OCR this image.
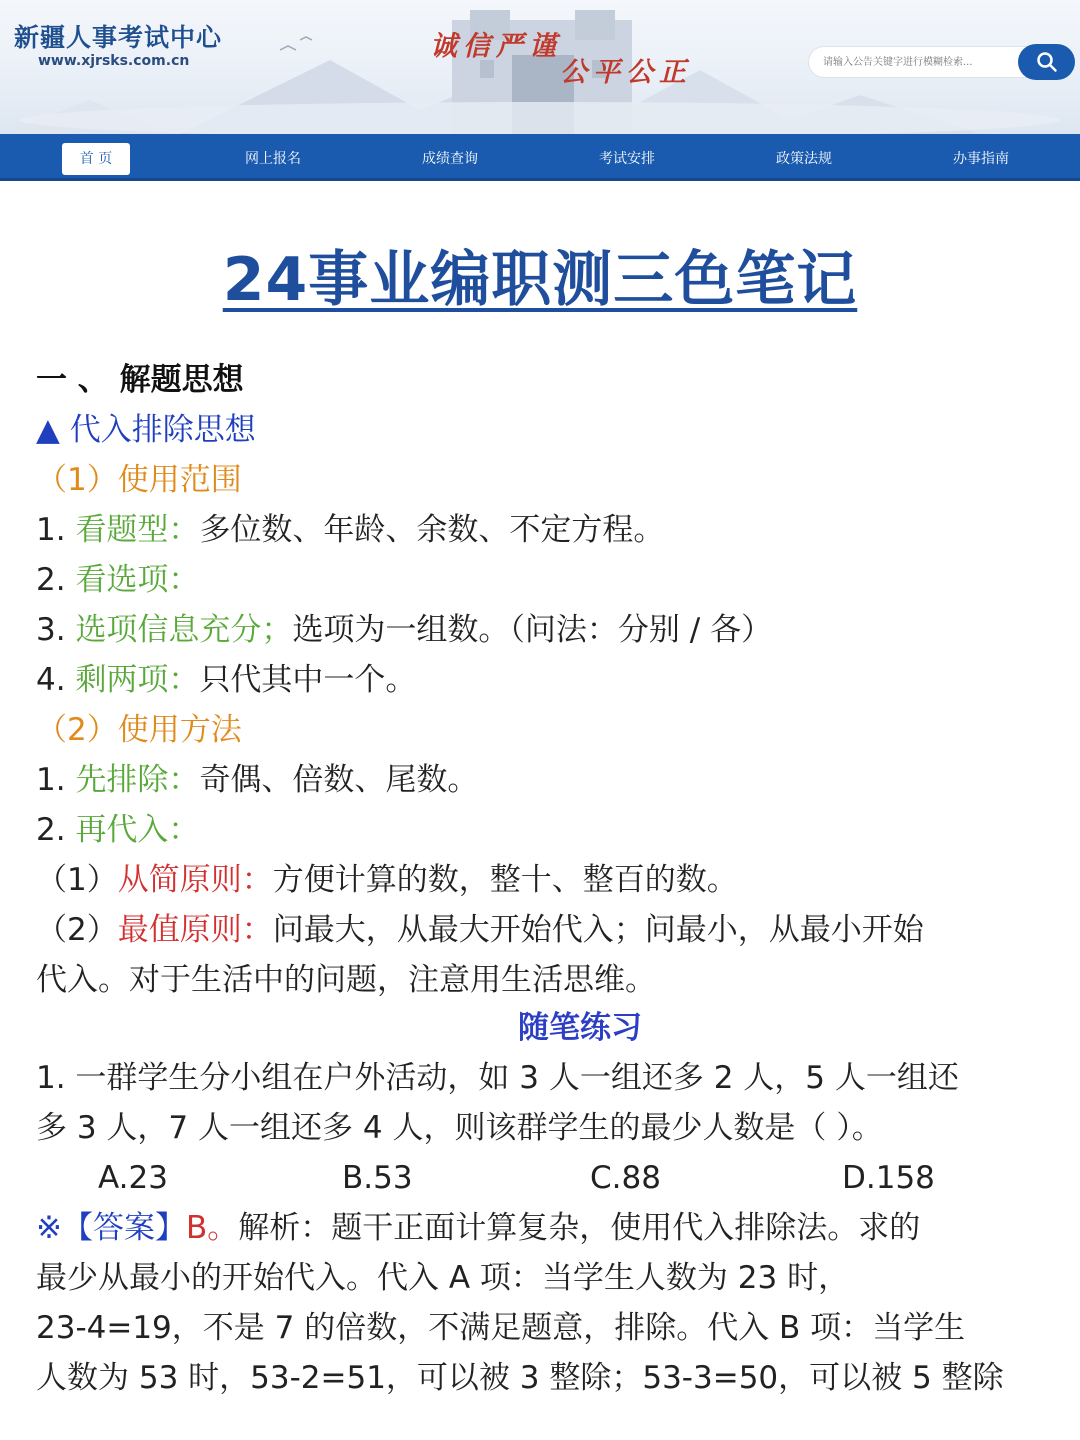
新疆人事考试中心
www.xjrsks.com.cn	诚信严谨
公平公正
请输入公告关键字进行模糊检索...
首 页	网上报名	成绩查询	考试安排	政策法规	办事指南
24事业编职测三色笔记
一 、 解题思想
▲ 代入排除思想
（1）使用范围
1. 看题型：多位数、年龄、余数、不定方程。
2. 看选项：
3. 选项信息充分；选项为一组数。（问法：分别 / 各）
4. 剩两项：只代其中一个。
（2）使用方法
1. 先排除：奇偶、倍数、尾数。
2. 再代入：
（1）从简原则：方便计算的数，整十、整百的数。
（2）最值原则：问最大，从最大开始代入；问最小，从最小开始
代入。对于生活中的问题，注意用生活思维。
随笔练习
1. 一群学生分小组在户外活动，如 3 人一组还多 2 人，5 人一组还
多 3 人，7 人一组还多 4 人，则该群学生的最少人数是（ ）。
A.23	B.53	C.88	D.158
※【答案】B。解析：题干正面计算复杂，使用代入排除法。求的
最少从最小的开始代入。代入 A 项：当学生人数为 23 时，
23-4=19，不是 7 的倍数，不满足题意，排除。代入 B 项：当学生
人数为 53 时，53-2=51，可以被 3 整除；53-3=50，可以被 5 整除
